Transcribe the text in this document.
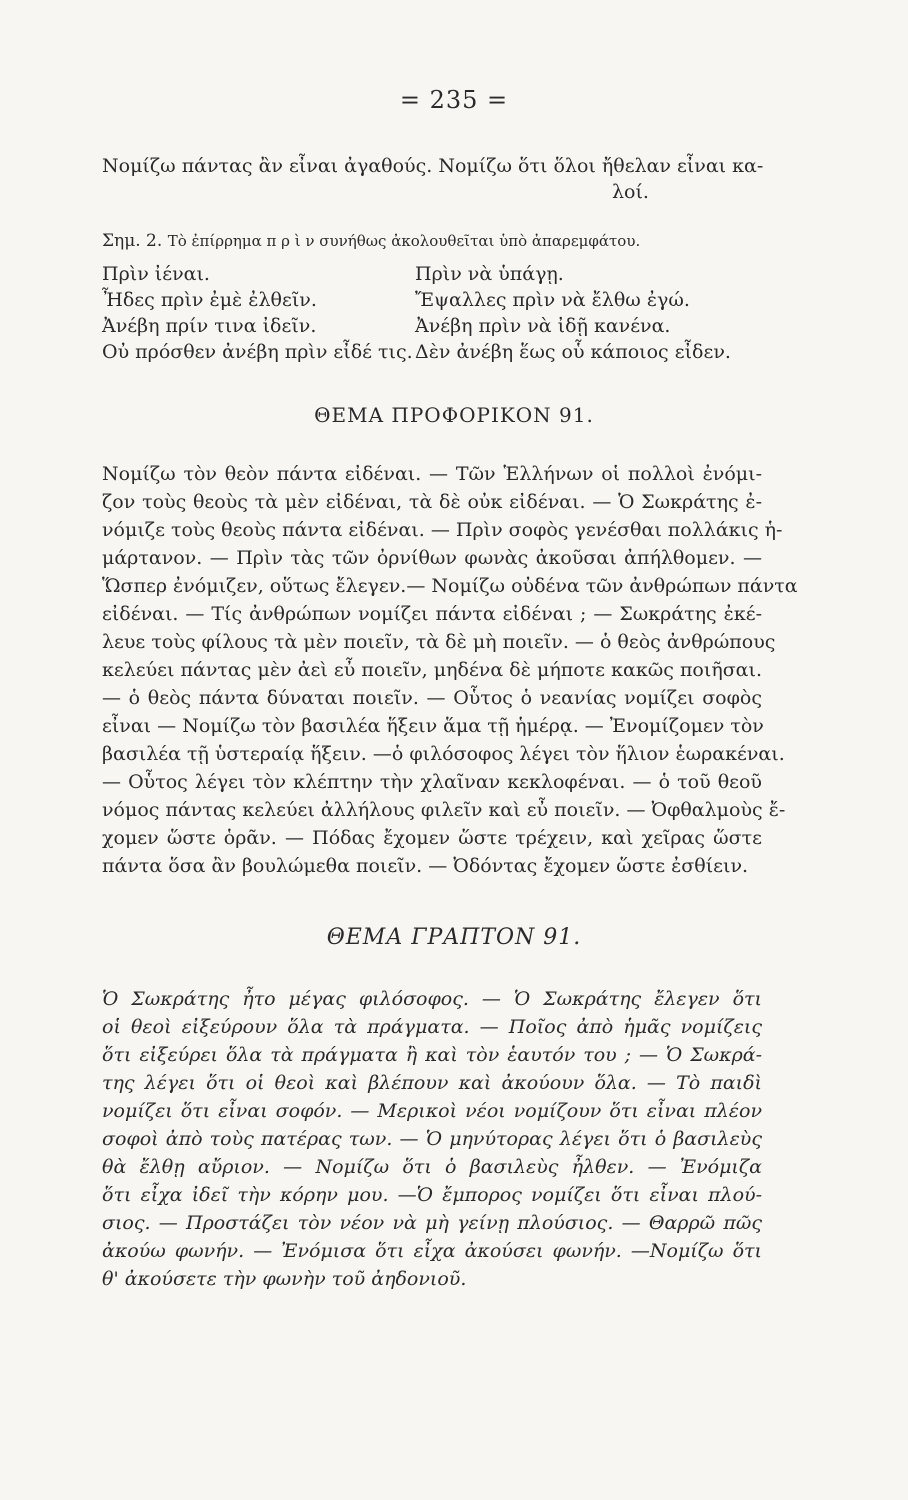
= 235 =
Νομίζω πάντας ἂν εἶναι ἀγαθούς. Νομίζω ὅτι ὅλοι ἤθελαν εἶναι κα-
λοί.
Σημ. 2. Τὸ ἐπίρρημα π ρ ὶ ν συνήθως ἀκολουθεῖται ὑπὸ ἀπαρεμφάτου.
Πρὶν ἰέναι.	Πρὶν νὰ ὑπάγῃ.
Ἦδες πρὶν ἐμὲ ἐλθεῖν.	Ἔψαλλες πρὶν νὰ ἔλθω ἐγώ.
Ἀνέβη πρίν τινα ἰδεῖν.	Ἀνέβη πρὶν νὰ ἰδῇ κανένα.
Οὐ πρόσθεν ἀνέβη πρὶν εἶδέ τις. Δὲν ἀνέβη ἕως οὗ κάποιος εἶδεν.
ΘΕΜΑ ΠΡΟΦΟΡΙΚΟΝ 91.
Νομίζω τὸν θεὸν πάντα εἰδέναι. — Τῶν Ἑλλήνων οἱ πολλοὶ ἐνόμι-
ζον τοὺς θεοὺς τὰ μὲν εἰδέναι, τὰ δὲ οὐκ εἰδέναι. — Ὁ Σωκράτης ἐ-
νόμιζε τοὺς θεοὺς πάντα εἰδέναι. — Πρὶν σοφὸς γενέσθαι πολλάκις ἡ-
μάρτανον. — Πρὶν τὰς τῶν ὀρνίθων φωνὰς ἀκοῦσαι ἀπήλθομεν. —
Ὥσπερ ἐνόμιζεν, οὕτως ἔλεγεν.— Νομίζω οὐδένα τῶν ἀνθρώπων πάντα
εἰδέναι. — Τίς ἀνθρώπων νομίζει πάντα εἰδέναι ; — Σωκράτης ἐκέ-
λευε τοὺς φίλους τὰ μὲν ποιεῖν, τὰ δὲ μὴ ποιεῖν. — ὁ θεὸς ἀνθρώπους
κελεύει πάντας μὲν ἀεὶ εὖ ποιεῖν, μηδένα δὲ μήποτε κακῶς ποιῆσαι.
— ὁ θεὸς πάντα δύναται ποιεῖν. — Οὗτος ὁ νεανίας νομίζει σοφὸς
εἶναι — Νομίζω τὸν βασιλέα ἥξειν ἅμα τῇ ἡμέρᾳ. — Ἐνομίζομεν τὸν
βασιλέα τῇ ὑστεραίᾳ ἥξειν. —ὁ φιλόσοφος λέγει τὸν ἥλιον ἑωρακέναι.
— Οὗτος λέγει τὸν κλέπτην τὴν χλαῖναν κεκλοφέναι. — ὁ τοῦ θεοῦ
νόμος πάντας κελεύει ἀλλήλους φιλεῖν καὶ εὖ ποιεῖν. — Ὀφθαλμοὺς ἔ-
χομεν ὥστε ὁρᾶν. — Πόδας ἔχομεν ὥστε τρέχειν, καὶ χεῖρας ὥστε
πάντα ὅσα ἂν βουλώμεθα ποιεῖν. — Ὀδόντας ἔχομεν ὥστε ἐσθίειν.
ΘΕΜΑ ΓΡΑΠΤΟΝ 91.
Ὁ Σωκράτης ἦτο μέγας φιλόσοφος. — Ὁ Σωκράτης ἔλεγεν ὅτι
οἱ θεοὶ εἰξεύρουν ὅλα τὰ πράγματα. — Ποῖος ἀπὸ ἡμᾶς νομίζεις
ὅτι εἰξεύρει ὅλα τὰ πράγματα ἢ καὶ τὸν ἑαυτόν του ; — Ὁ Σωκρά-
της λέγει ὅτι οἱ θεοὶ καὶ βλέπουν καὶ ἀκούουν ὅλα. — Τὸ παιδὶ
νομίζει ὅτι εἶναι σοφόν. — Μερικοὶ νέοι νομίζουν ὅτι εἶναι πλέον
σοφοὶ ἀπὸ τοὺς πατέρας των. — Ὁ μηνύτορας λέγει ὅτι ὁ βασιλεὺς
θὰ ἔλθῃ αὔριον. — Νομίζω ὅτι ὁ βασιλεὺς ἦλθεν. — Ἐνόμιζα
ὅτι εἶχα ἰδεῖ τὴν κόρην μου. —Ὁ ἔμπορος νομίζει ὅτι εἶναι πλού-
σιος. — Προστάζει τὸν νέον νὰ μὴ γείνῃ πλούσιος. — Θαρρῶ πῶς
ἀκούω φωνήν. — Ἐνόμισα ὅτι εἶχα ἀκούσει φωνήν. —Νομίζω ὅτι
θ' ἀκούσετε τὴν φωνὴν τοῦ ἀηδονιοῦ.
